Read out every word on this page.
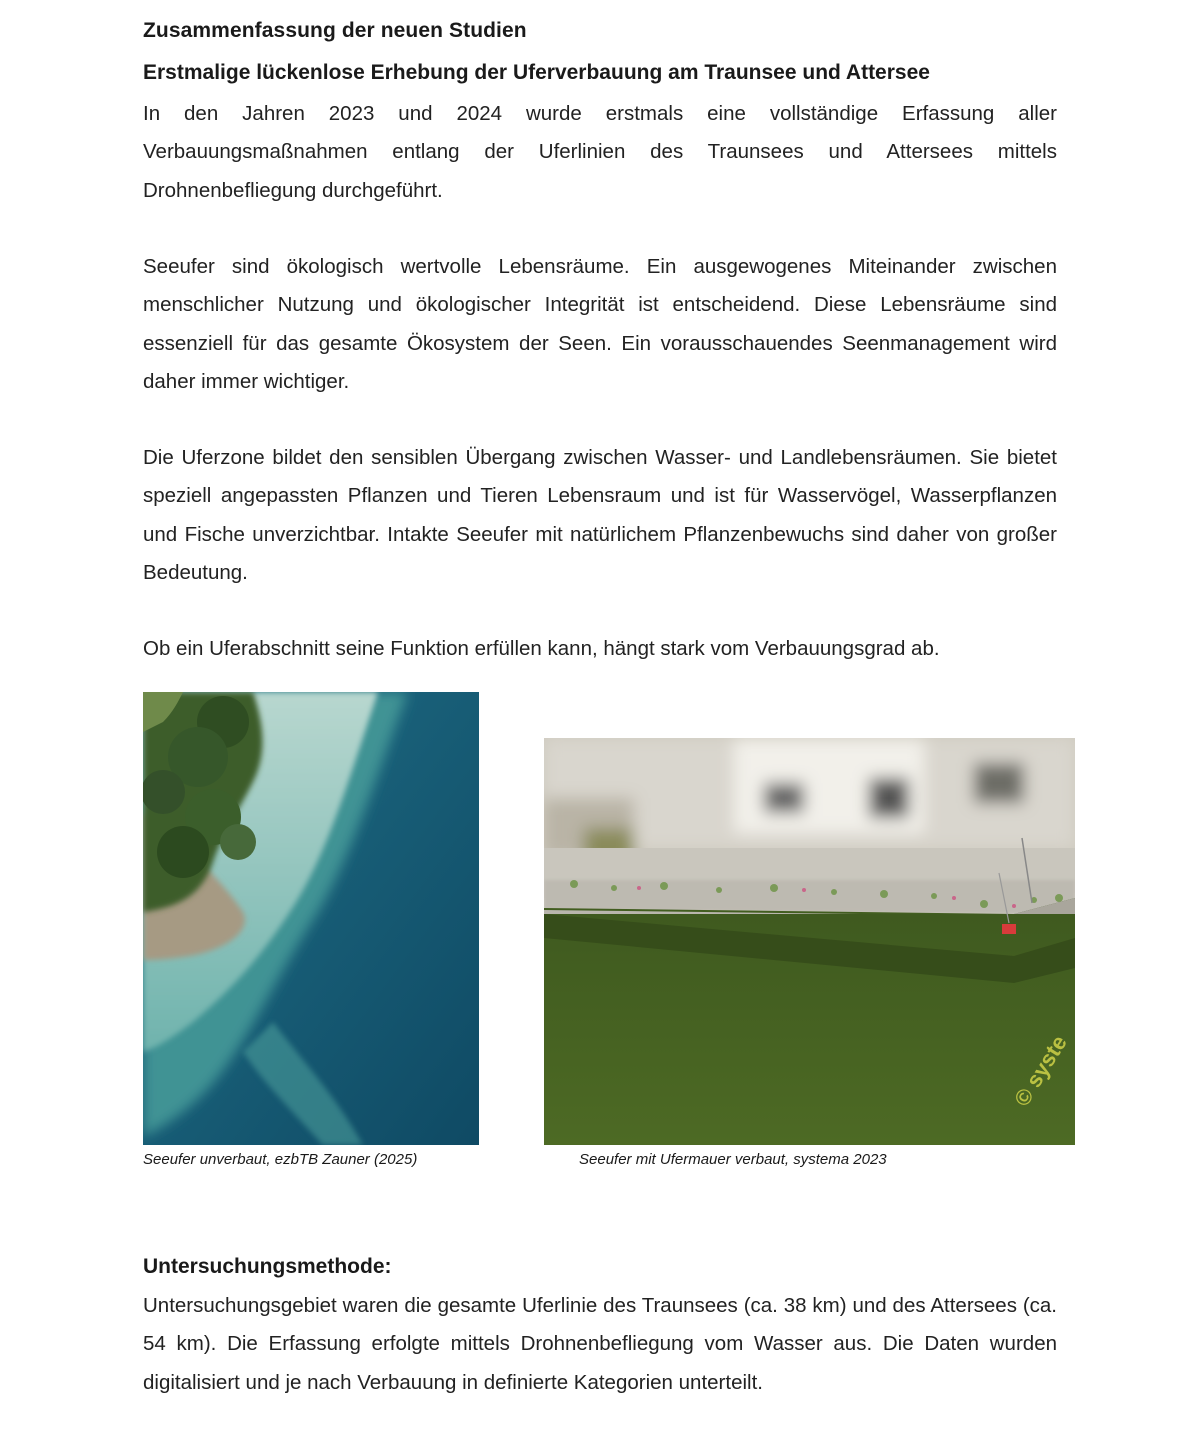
Zusammenfassung der neuen Studien
Erstmalige lückenlose Erhebung der Uferverbauung am Traunsee und Attersee

In den Jahren 2023 und 2024 wurde erstmals eine vollständige Erfassung aller Verbauungsmaßnahmen entlang der Uferlinien des Traunsees und Attersees mittels Drohnenbefliegung durchgeführt.

Seeufer sind ökologisch wertvolle Lebensräume. Ein ausgewogenes Miteinander zwischen menschlicher Nutzung und ökologischer Integrität ist entscheidend. Diese Lebensräume sind essenziell für das gesamte Ökosystem der Seen. Ein vorausschauendes Seenmanagement wird daher immer wichtiger.

Die Uferzone bildet den sensiblen Übergang zwischen Wasser- und Landlebensräumen. Sie bietet speziell angepassten Pflanzen und Tieren Lebensraum und ist für Wasservögel, Wasserpflanzen und Fische unverzichtbar. Intakte Seeufer mit natürlichem Pflanzenbewuchs sind daher von großer Bedeutung.

Ob ein Uferabschnitt seine Funktion erfüllen kann, hängt stark vom Verbauungsgrad ab.

Untersuchungsmethode:

Untersuchungsgebiet waren die gesamte Uferlinie des Traunsees (ca. 38 km) und des Attersees (ca. 54 km). Die Erfassung erfolgte mittels Drohnenbefliegung vom Wasser aus. Die Daten wurden digitalisiert und je nach Verbauung in definierte Kategorien unterteilt.

© syste
Seeufer unverbaut, ezbTB Zauner (2025)	Seeufer mit Ufermauer verbaut, systema 2023
